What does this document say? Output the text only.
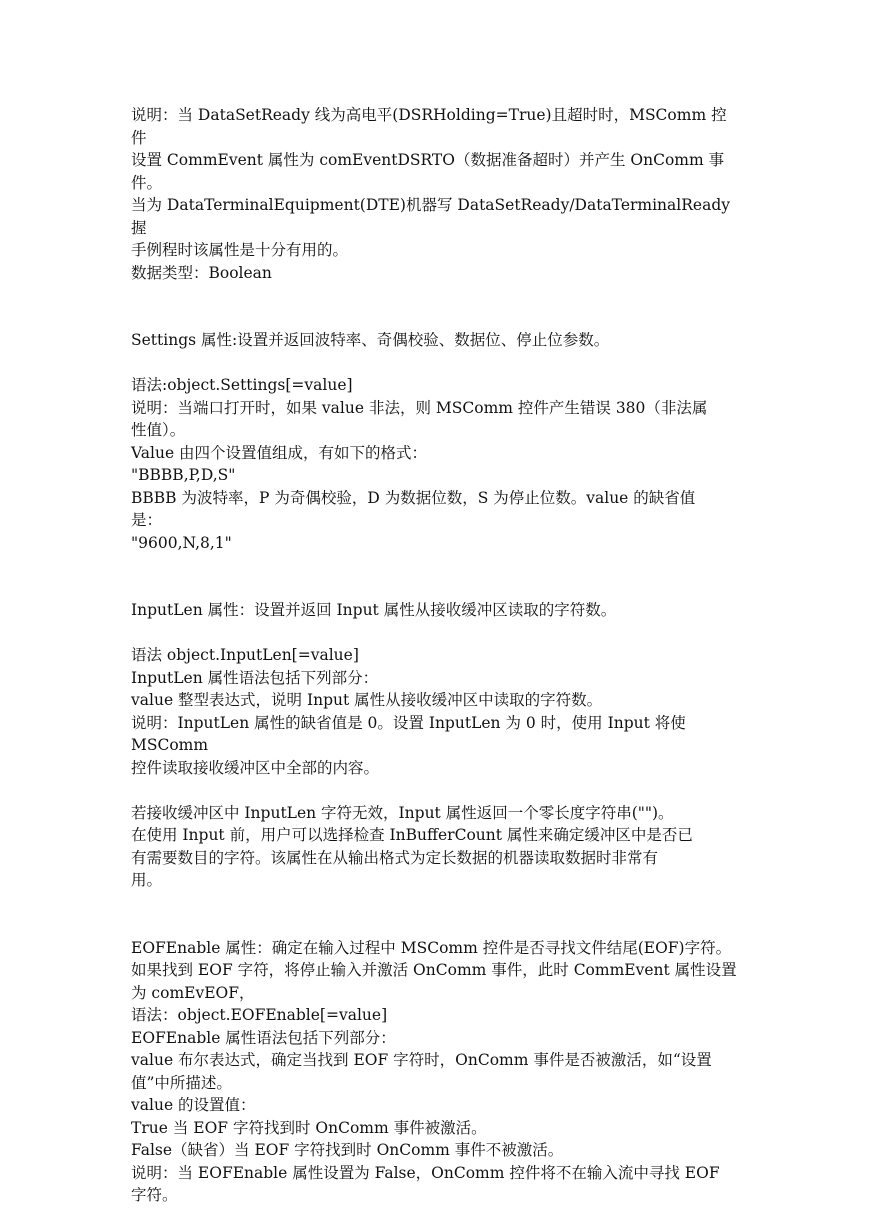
说明：当 DataSetReady 线为高电平(DSRHolding=True)且超时时，MSComm 控件
设置 CommEvent 属性为 comEventDSRTO（数据准备超时）并产生 OnComm 事件。
当为 DataTerminalEquipment(DTE)机器写 DataSetReady/DataTerminalReady 握
手例程时该属性是十分有用的。
数据类型：Boolean
Settings 属性:设置并返回波特率、奇偶校验、数据位、停止位参数。
语法:object.Settings[=value]
说明：当端口打开时，如果 value 非法，则 MSComm 控件产生错误 380（非法属
性值）。
Value 由四个设置值组成，有如下的格式：
"BBBB,P,D,S"
BBBB 为波特率，P 为奇偶校验，D 为数据位数，S 为停止位数。value 的缺省值
是：
"9600,N,8,1"
InputLen 属性：设置并返回 Input 属性从接收缓冲区读取的字符数。
语法 object.InputLen[=value]
InputLen 属性语法包括下列部分：
value 整型表达式，说明 Input 属性从接收缓冲区中读取的字符数。
说明：InputLen 属性的缺省值是 0。设置 InputLen 为 0 时，使用 Input 将使 MSComm
控件读取接收缓冲区中全部的内容。
若接收缓冲区中 InputLen 字符无效，Input 属性返回一个零长度字符串("")。
在使用 Input 前，用户可以选择检查 InBufferCount 属性来确定缓冲区中是否已
有需要数目的字符。该属性在从输出格式为定长数据的机器读取数据时非常有
用。
EOFEnable 属性：确定在输入过程中 MSComm 控件是否寻找文件结尾(EOF)字符。
如果找到 EOF 字符，将停止输入并激活 OnComm 事件，此时 CommEvent 属性设置
为 comEvEOF，
语法：object.EOFEnable[=value]
EOFEnable 属性语法包括下列部分：
value 布尔表达式，确定当找到 EOF 字符时，OnComm 事件是否被激活，如“设置
值”中所描述。
value 的设置值：
True 当 EOF 字符找到时 OnComm 事件被激活。
False（缺省）当 EOF 字符找到时 OnComm 事件不被激活。
说明：当 EOFEnable 属性设置为 False，OnComm 控件将不在输入流中寻找 EOF
字符。
